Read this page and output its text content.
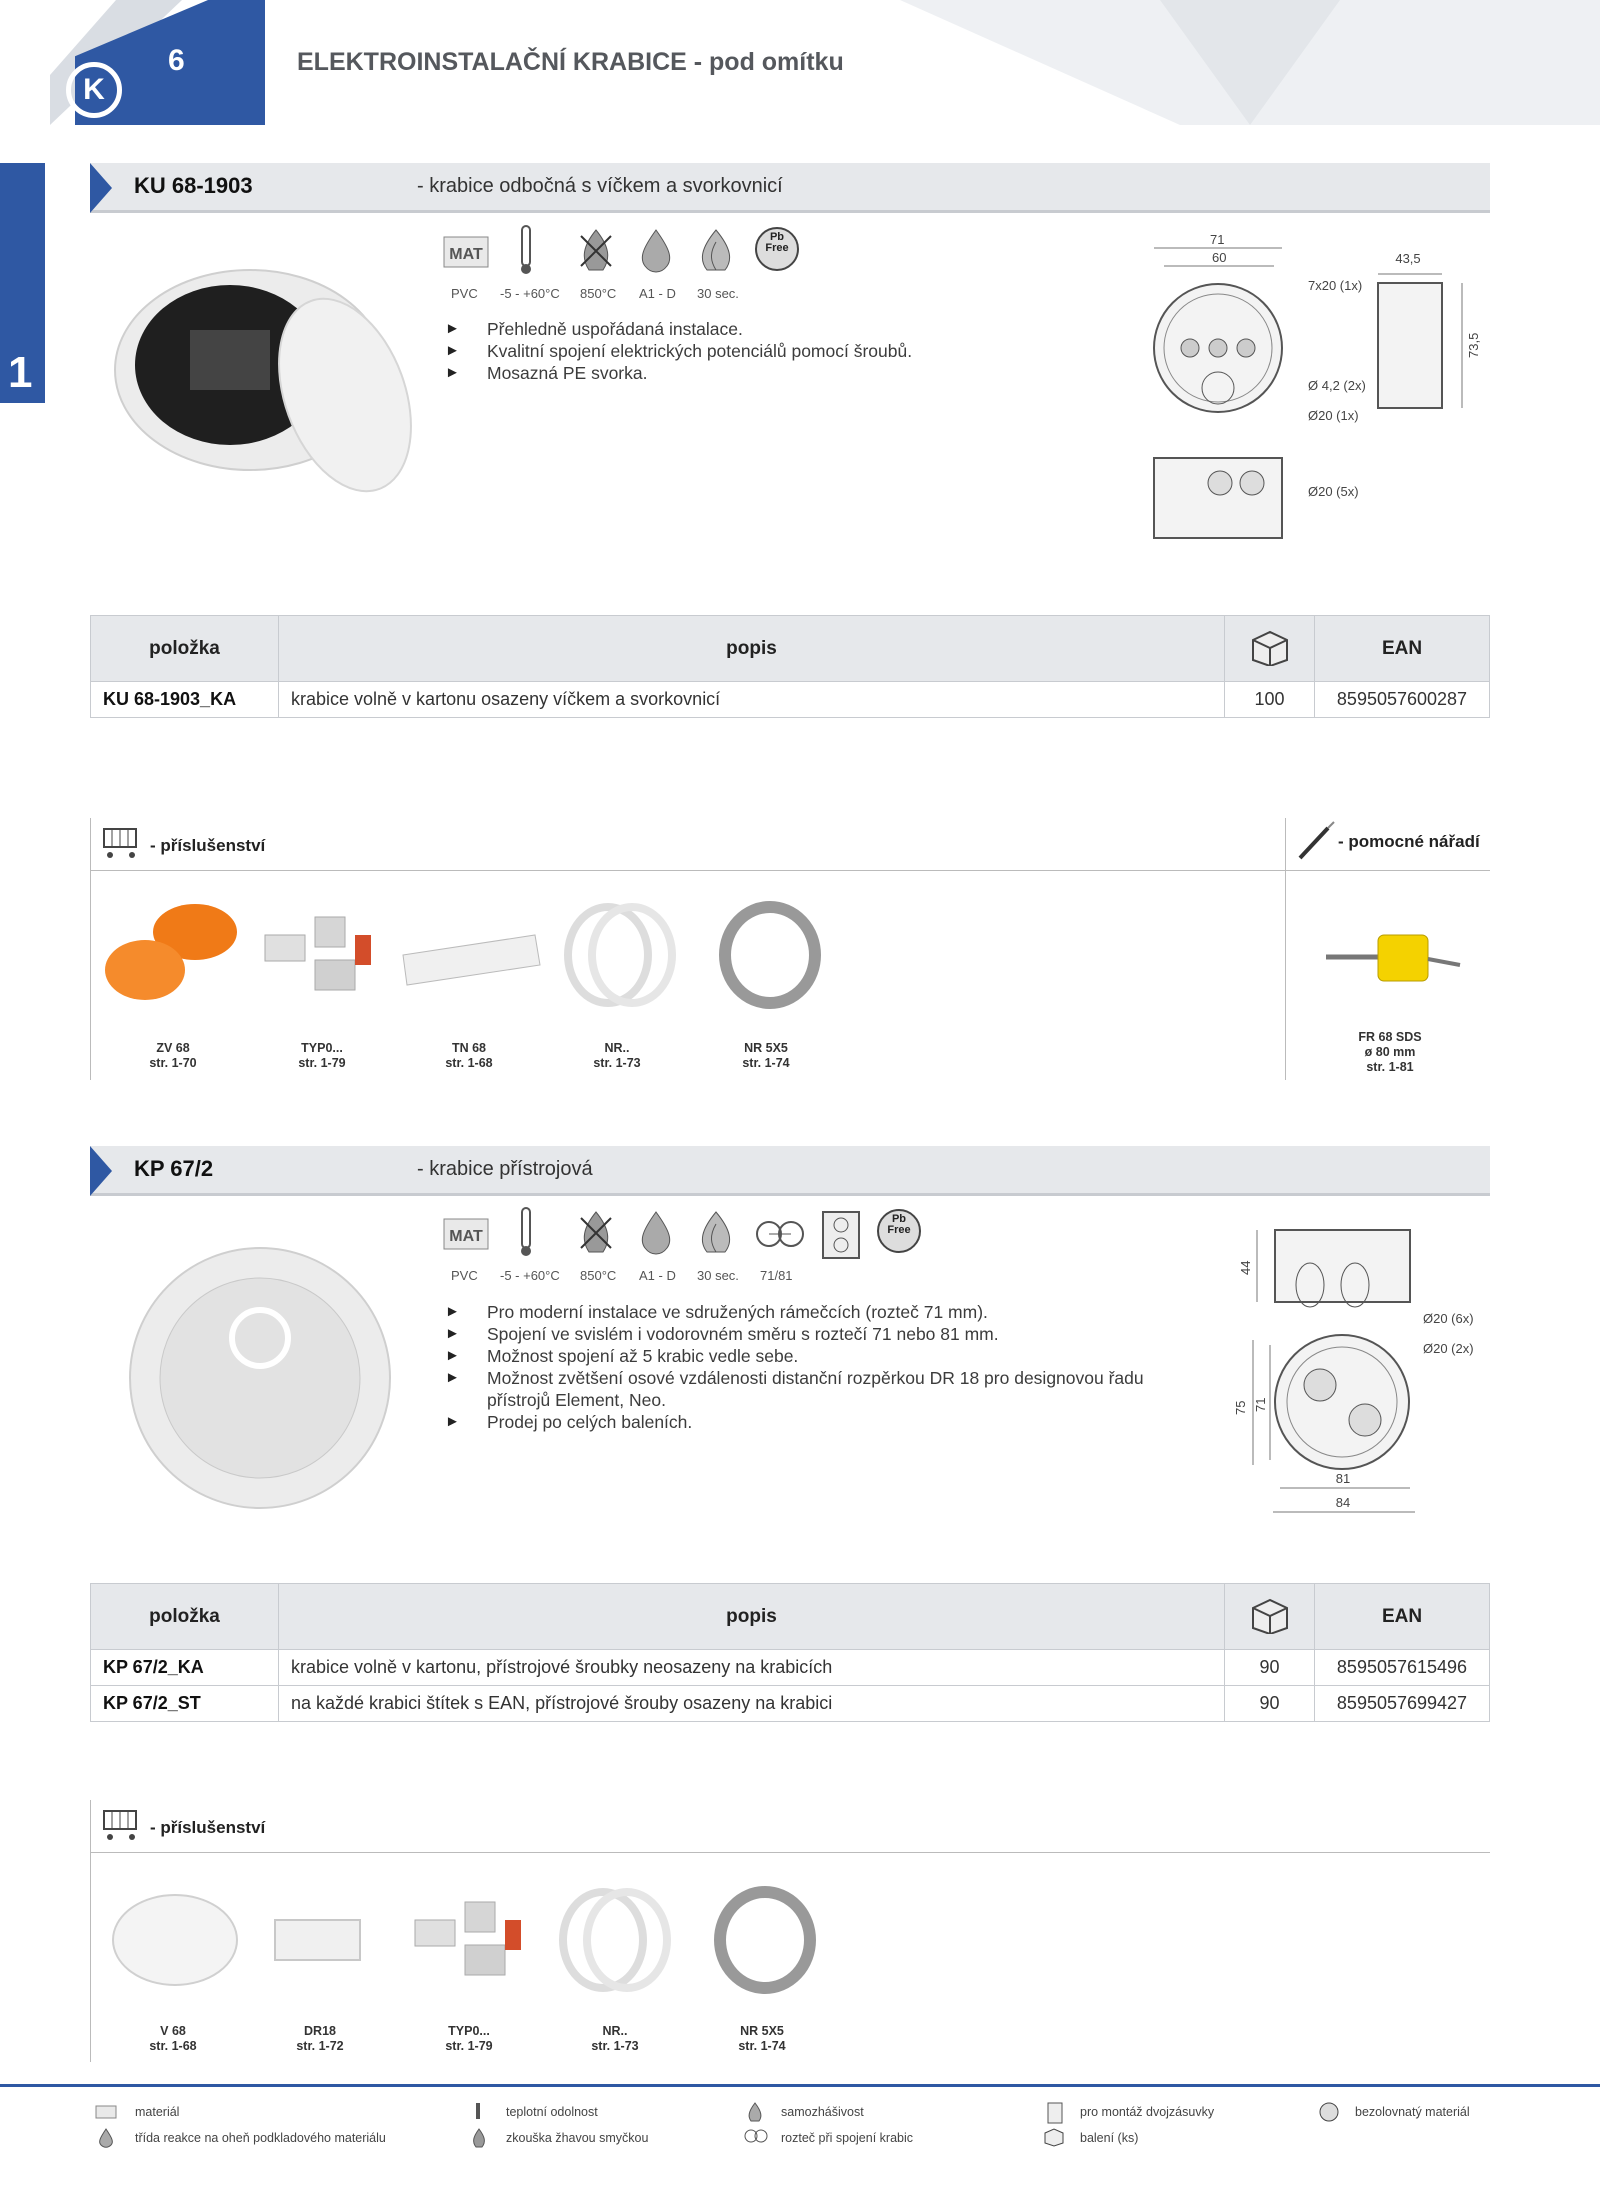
K
6	ELEKTROINSTALAČNÍ KRABICE - pod omítku
1
KU 68-1903	- krabice odbočná s víčkem a svorkovnicí
MAT
Pb
Free
PVC -5 - +60°C 850°C A1 - D 30 sec.
► Přehledně uspořádaná instalace.
► Kvalitní spojení elektrických potenciálů pomocí šroubů.
► Mosazná PE svorka.
71
60	43,5
73,5
7x20 (1x)
Ø 4,2 (2x)
Ø20 (1x)
Ø20 (5x)
položka	popis		EAN
KU 68-1903_KA	krabice volně v kartonu osazeny víčkem a svorkovnicí	100	8595057600287
- příslušenství	- pomocné nářadí
ZV 68
str. 1-70
TYP0...
str. 1-79
TN 68
str. 1-68
NR..
str. 1-73
NR 5X5
str. 1-74
FR 68 SDS
ø 80 mm
str. 1-81
KP 67/2	- krabice přístrojová
MAT
Pb
Free
PVC -5 - +60°C 850°C A1 - D 30 sec. 71/81
► Pro moderní instalace ve sdružených rámečcích (rozteč 71 mm).
► Spojení ve svislém i vodorovném směru s roztečí 71 nebo 81 mm.
► Možnost spojení až 5 krabic vedle sebe.
► Možnost zvětšení osové vzdálenosti distanční rozpěrkou DR 18 pro designovou řadu přístrojů Element, Neo.
► Prodej po celých baleních.
44
75 71
81
84
Ø20 (6x)
Ø20 (2x)
položka	popis		EAN
KP 67/2_KA	krabice volně v kartonu, přístrojové šroubky neosazeny na krabicích	90	8595057615496
KP 67/2_ST	na každé krabici štítek s EAN, přístrojové šrouby osazeny na krabici	90	8595057699427
- příslušenství
V 68
str. 1-68
DR18
str. 1-72
TYP0...
str. 1-79
NR..
str. 1-73
NR 5X5
str. 1-74
materiál	teplotní odolnost	samozhášivost	pro montáž dvojzásuvky	bezolovnatý materiál
třída reakce na oheň podkladového materiálu	zkouška žhavou smyčkou	rozteč při spojení krabic	balení (ks)
